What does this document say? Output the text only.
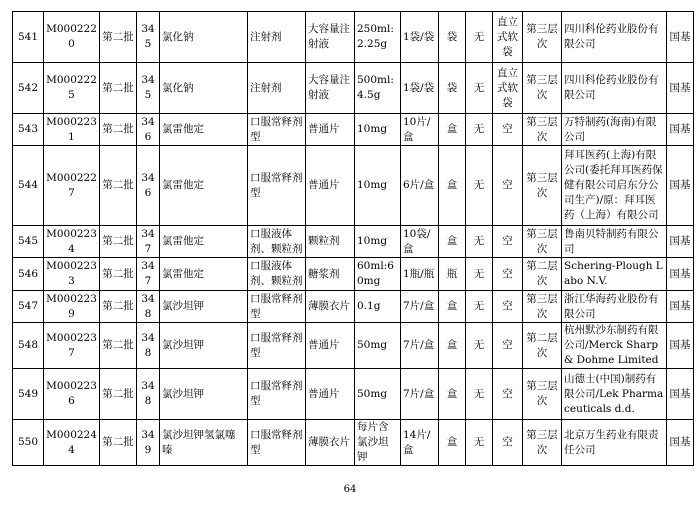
541	M0002220	第二批	345	氯化钠	注射剂	大容量注射液	250ml:2.25g	1袋/袋	袋	无	直立式软袋	第三层次	四川科伦药业股份有限公司	国基
542	M0002225	第二批	345	氯化钠	注射剂	大容量注射液	500ml:4.5g	1袋/袋	袋	无	直立式软袋	第三层次	四川科伦药业股份有限公司	国基
543	M0002231	第二批	346	氯雷他定	口服常释剂型	普通片	10mg	10片/盒	盒	无	空	第三层次	万特制药(海南)有限公司	国基
544	M0002227	第二批	346	氯雷他定	口服常释剂型	普通片	10mg	6片/盒	盒	无	空	第三层次	拜耳医药(上海)有限公司(委托拜耳医药保健有限公司启东分公司生产)/原：拜耳医药（上海）有限公司	国基
545	M0002234	第二批	347	氯雷他定	口服液体剂、颗粒剂	颗粒剂	10mg	10袋/盒	盒	无	空	第三层次	鲁南贝特制药有限公司	国基
546	M0002233	第二批	347	氯雷他定	口服液体剂、颗粒剂	糖浆剂	60ml:60mg	1瓶/瓶	瓶	无	空	第二层次	Schering-Plough Labo N.V.	国基
547	M0002239	第二批	348	氯沙坦钾	口服常释剂型	薄膜衣片	0.1g	7片/盒	盒	无	空	第三层次	浙江华海药业股份有限公司	国基
548	M0002237	第二批	348	氯沙坦钾	口服常释剂型	普通片	50mg	7片/盒	盒	无	空	第二层次	杭州默沙东制药有限公司/Merck Sharp & Dohme Limited	国基
549	M0002236	第二批	348	氯沙坦钾	口服常释剂型	普通片	50mg	7片/盒	盒	无	空	第三层次	山德士(中国)制药有限公司/Lek Pharmaceuticals d.d.	国基
550	M0002244	第二批	349	氯沙坦钾氢氯噻嗪	口服常释剂型	薄膜衣片	每片含氯沙坦钾	14片/盒	盒	无	空	第三层次	北京万生药业有限责任公司	国基
64
